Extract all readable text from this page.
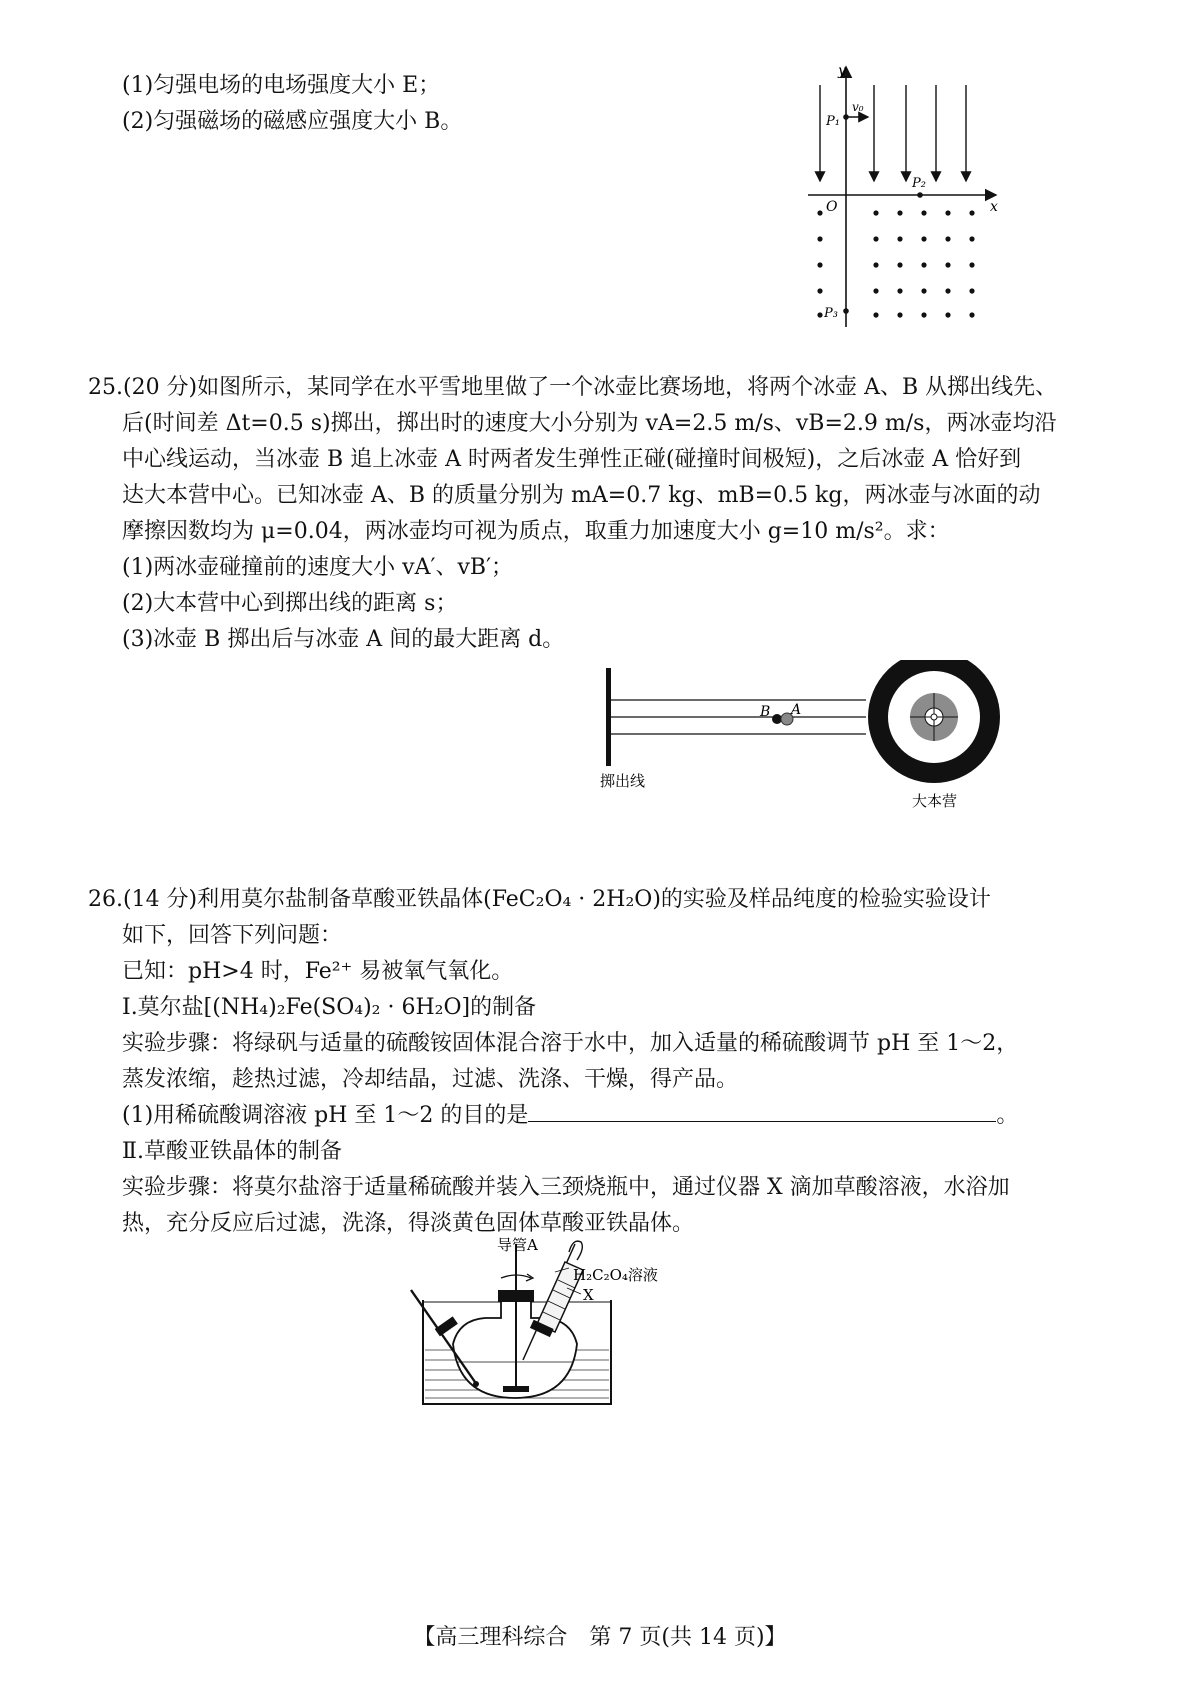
(1)匀强电场的电场强度大小 E；
(2)匀强磁场的磁感应强度大小 B。
y
x
O
P₁
v₀
P₂
P₃
25.(20 分)如图所示，某同学在水平雪地里做了一个冰壶比赛场地，将两个冰壶 A、B 从掷出线先、
后(时间差 Δt=0.5 s)掷出，掷出时的速度大小分别为 vA=2.5 m/s、vB=2.9 m/s，两冰壶均沿
中心线运动，当冰壶 B 追上冰壶 A 时两者发生弹性正碰(碰撞时间极短)，之后冰壶 A 恰好到
达大本营中心。已知冰壶 A、B 的质量分别为 mA=0.7 kg、mB=0.5 kg，两冰壶与冰面的动
摩擦因数均为 μ=0.04，两冰壶均可视为质点，取重力加速度大小 g=10 m/s²。求：
(1)两冰壶碰撞前的速度大小 vA′、vB′；
(2)大本营中心到掷出线的距离 s；
(3)冰壶 B 掷出后与冰壶 A 间的最大距离 d。
B A
掷出线
大本营
26.(14 分)利用莫尔盐制备草酸亚铁晶体(FeC₂O₄ · 2H₂O)的实验及样品纯度的检验实验设计
如下，回答下列问题：
已知：pH>4 时，Fe²⁺ 易被氧气氧化。
Ⅰ.莫尔盐[(NH₄)₂Fe(SO₄)₂ · 6H₂O]的制备
实验步骤：将绿矾与适量的硫酸铵固体混合溶于水中，加入适量的稀硫酸调节 pH 至 1～2，
蒸发浓缩，趁热过滤，冷却结晶，过滤、洗涤、干燥，得产品。
(1)用稀硫酸调溶液 pH 至 1～2 的目的是	。
Ⅱ.草酸亚铁晶体的制备
实验步骤：将莫尔盐溶于适量稀硫酸并装入三颈烧瓶中，通过仪器 X 滴加草酸溶液，水浴加
热，充分反应后过滤，洗涤，得淡黄色固体草酸亚铁晶体。
导管A
H₂C₂O₄溶液
X
【高三理科综合　第 7 页(共 14 页)】
